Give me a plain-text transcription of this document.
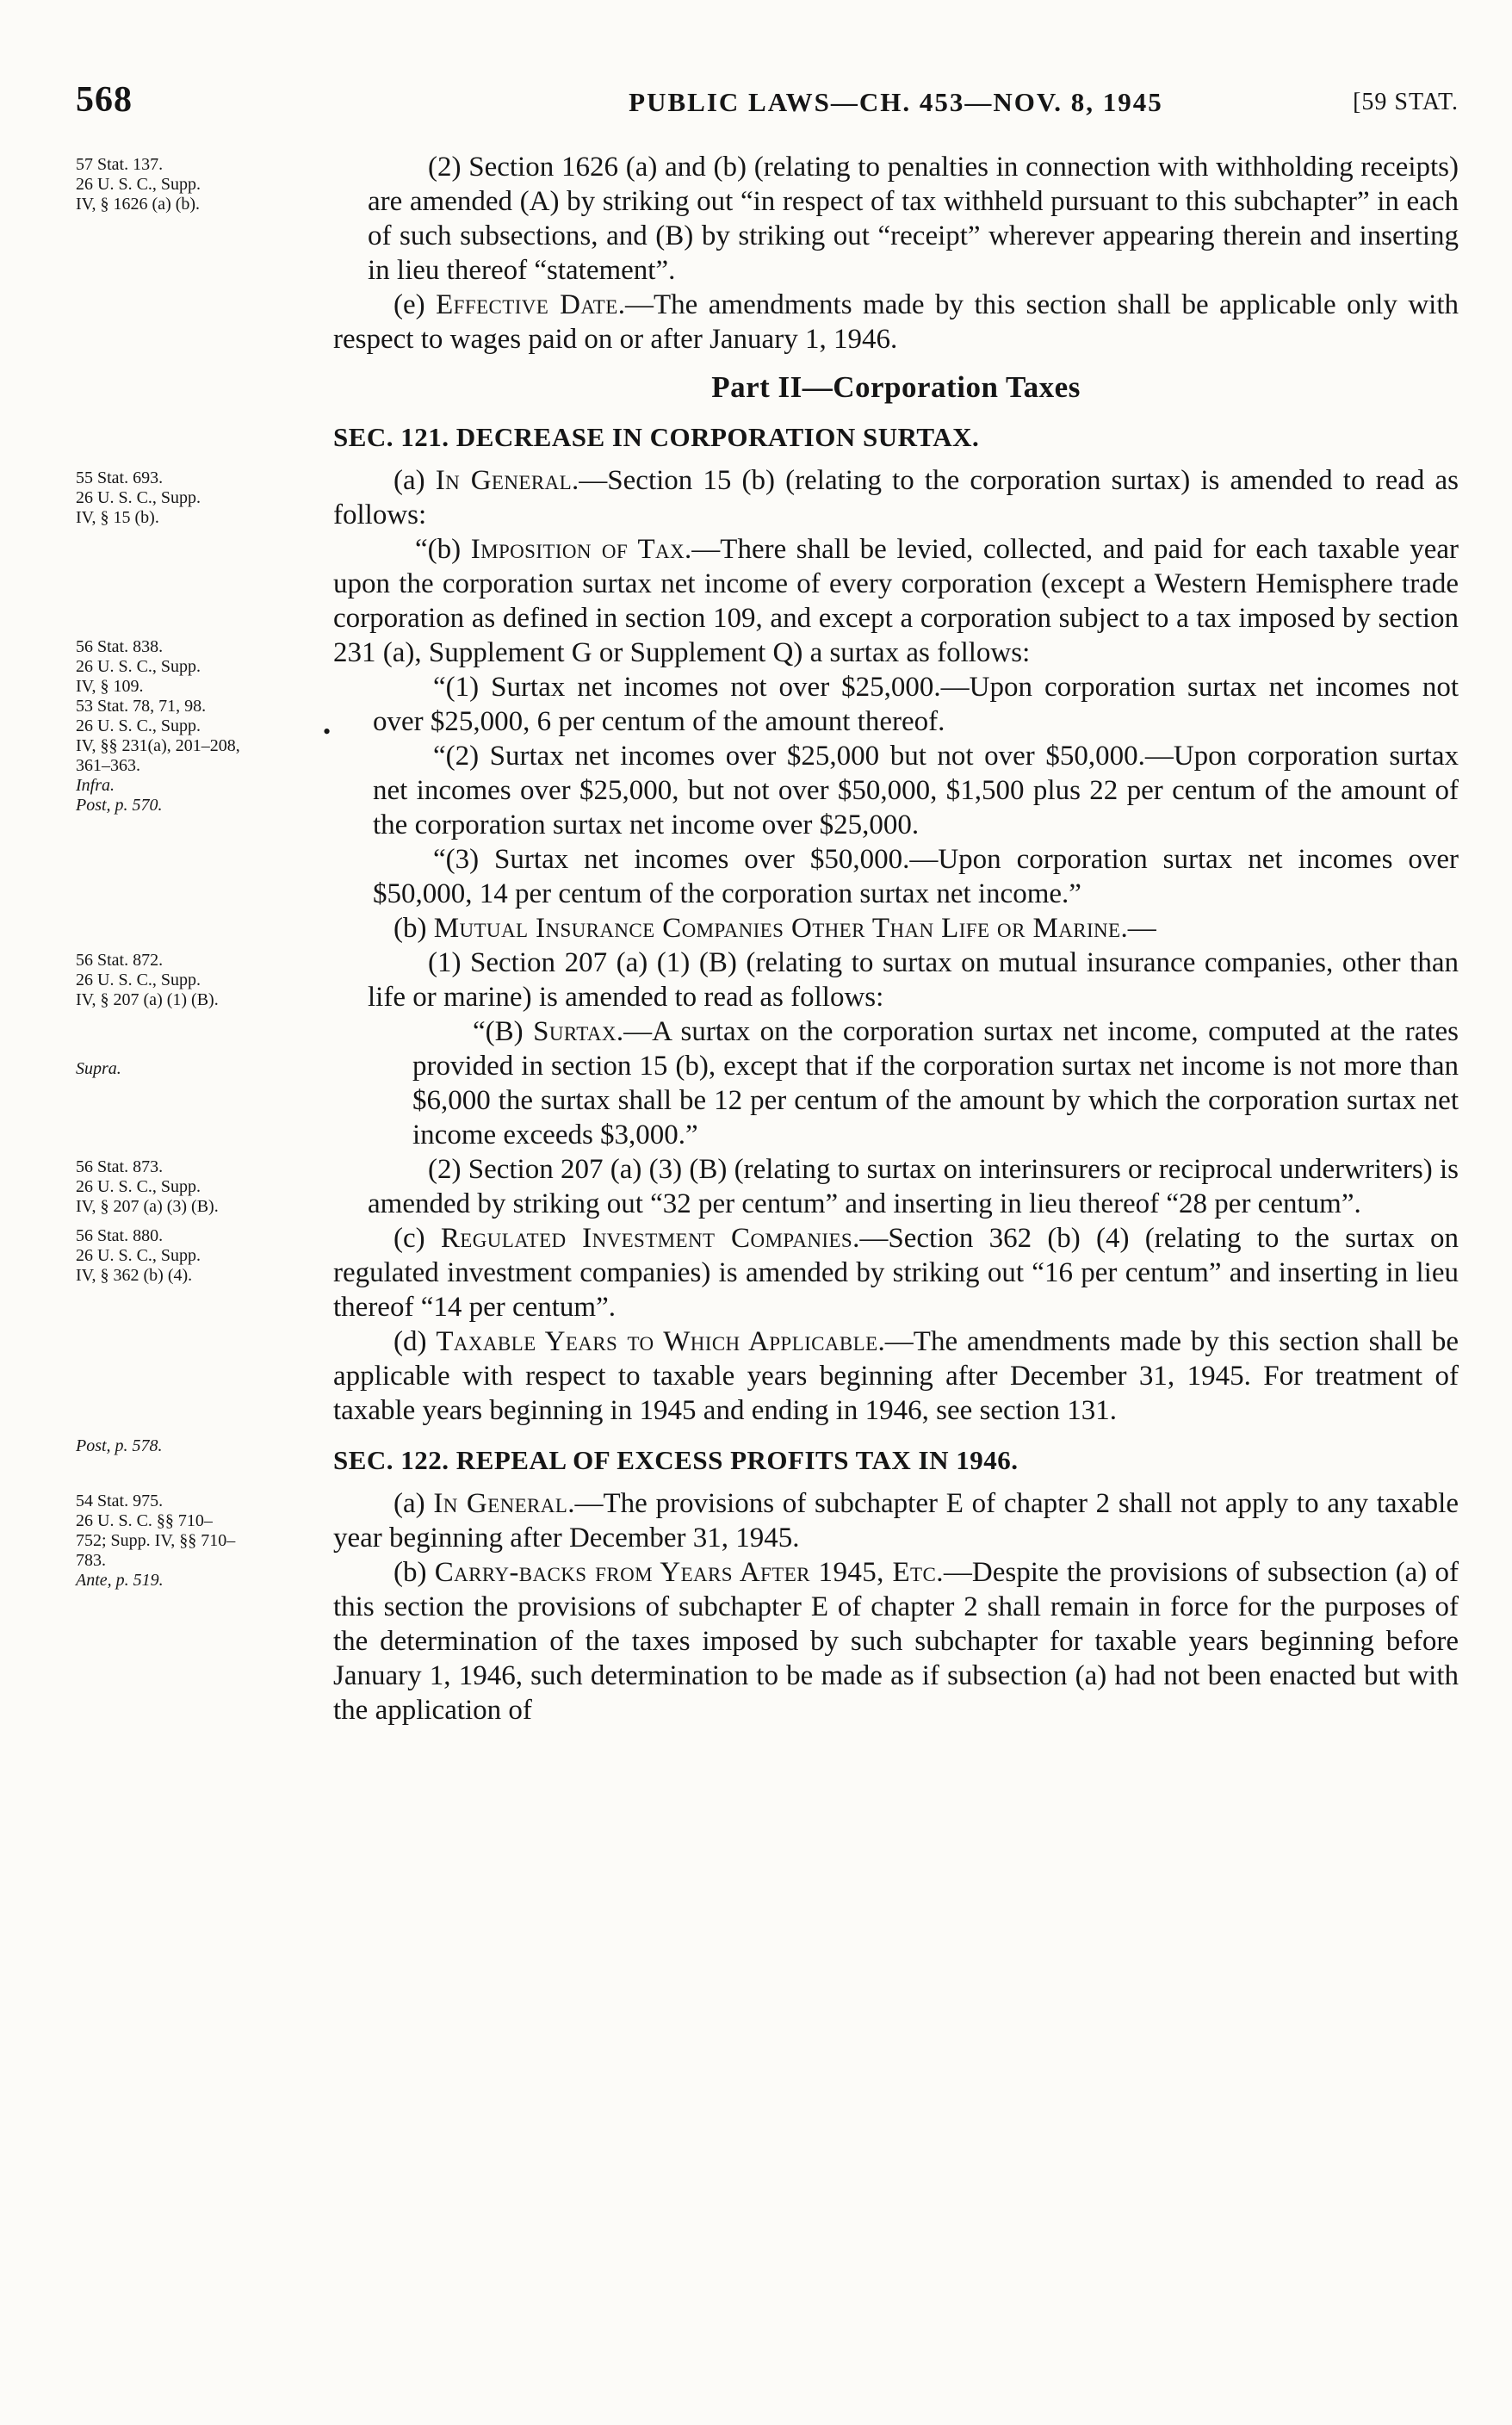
568	PUBLIC LAWS—CH. 453—NOV. 8, 1945	[59 STAT.
57 Stat. 137.
26 U. S. C., Supp.
IV, § 1626 (a) (b).

(2) Section 1626 (a) and (b) (relating to penalties in connection with withholding receipts) are amended (A) by striking out “in respect of tax withheld pursuant to this subchapter” in each of such subsections, and (B) by striking out “receipt” wherever appearing therein and inserting in lieu thereof “statement”.

(e) Effective Date.—The amendments made by this section shall be applicable only with respect to wages paid on or after January 1, 1946.

Part II—Corporation Taxes
SEC. 121. DECREASE IN CORPORATION SURTAX.
55 Stat. 693.
26 U. S. C., Supp.
IV, § 15 (b).

(a) In General.—Section 15 (b) (relating to the corporation surtax) is amended to read as follows:

56 Stat. 838.
26 U. S. C., Supp.
IV, § 109.
53 Stat. 78, 71, 98.
26 U. S. C., Supp.
IV, §§ 231(a), 201–208,
361–363.
Infra.
Post, p. 570.

“(b) Imposition of Tax.—There shall be levied, collected, and paid for each taxable year upon the corporation surtax net income of every corporation (except a Western Hemisphere trade corporation as defined in section 109, and except a corporation subject to a tax imposed by section 231 (a), Supplement G or Supplement Q) a surtax as follows:

•
“(1) Surtax net incomes not over $25,000.—Upon corporation surtax net incomes not over $25,000, 6 per centum of the amount thereof.

“(2) Surtax net incomes over $25,000 but not over $50,000.—Upon corporation surtax net incomes over $25,000, but not over $50,000, $1,500 plus 22 per centum of the amount of the corporation surtax net income over $25,000.

“(3) Surtax net incomes over $50,000.—Upon corporation surtax net incomes over $50,000, 14 per centum of the corporation surtax net income.”

(b) Mutual Insurance Companies Other Than Life or Marine.—

56 Stat. 872.
26 U. S. C., Supp.
IV, § 207 (a) (1) (B).

(1) Section 207 (a) (1) (B) (relating to surtax on mutual insurance companies, other than life or marine) is amended to read as follows:

Supra.

“(B) Surtax.—A surtax on the corporation surtax net income, computed at the rates provided in section 15 (b), except that if the corporation surtax net income is not more than $6,000 the surtax shall be 12 per centum of the amount by which the corporation surtax net income exceeds $3,000.”

56 Stat. 873.
26 U. S. C., Supp.
IV, § 207 (a) (3) (B).

(2) Section 207 (a) (3) (B) (relating to surtax on interinsurers or reciprocal underwriters) is amended by striking out “32 per centum” and inserting in lieu thereof “28 per centum”.

56 Stat. 880.
26 U. S. C., Supp.
IV, § 362 (b) (4).

(c) Regulated Investment Companies.—Section 362 (b) (4) (relating to the surtax on regulated investment companies) is amended by striking out “16 per centum” and inserting in lieu thereof “14 per centum”.

Post, p. 578.

(d) Taxable Years to Which Applicable.—The amendments made by this section shall be applicable with respect to taxable years beginning after December 31, 1945. For treatment of taxable years beginning in 1945 and ending in 1946, see section 131.

SEC. 122. REPEAL OF EXCESS PROFITS TAX IN 1946.
54 Stat. 975.
26 U. S. C. §§ 710–
752; Supp. IV, §§ 710–
783.
Ante, p. 519.

(a) In General.—The provisions of subchapter E of chapter 2 shall not apply to any taxable year beginning after December 31, 1945.

(b) Carry-backs from Years After 1945, Etc.—Despite the provisions of subsection (a) of this section the provisions of subchapter E of chapter 2 shall remain in force for the purposes of the determination of the taxes imposed by such subchapter for taxable years beginning before January 1, 1946, such determination to be made as if subsection (a) had not been enacted but with the application of
